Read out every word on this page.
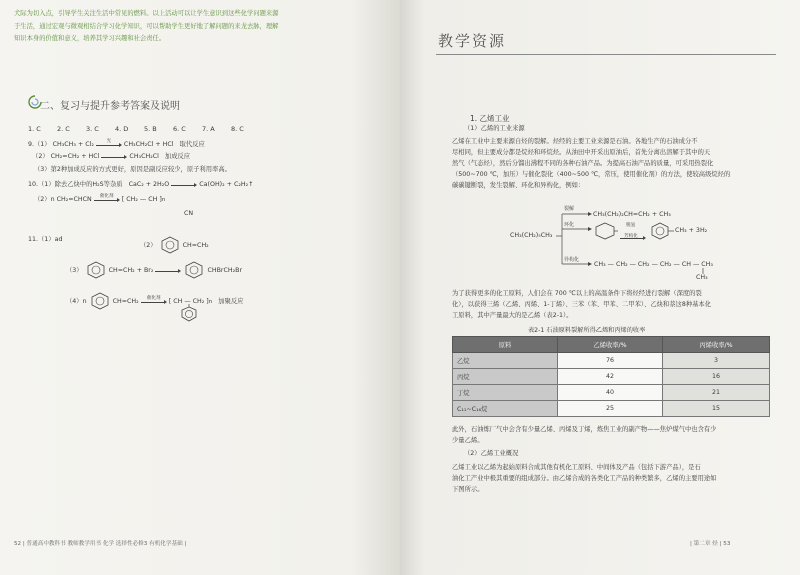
犬际为切入点，引导学生关注生活中常见的燃料。以上活动可以让学生意识到这些化学问题来源
于生活，通过宏观与微观相结合学习化学知识，可以帮助学生更好地了解问题的来龙去脉，理解
知识本身的价值和意义，培养其学习兴趣和社会责任。
二、复习与提升参考答案及说明
1. C 2. C 3. C 4. D 5. B	6. C 7. A	8. C
9.（1） CH₃CH₃ + Cl₂	光	CH₃CH₂Cl + HCl 取代反应
（2） CH₂=CH₂ + HCl	CH₃CH₂Cl 加成反应
（3）第2种加成反应的方式更好，原因是副反应较少，原子利用率高。
10.（1）除去乙炔中的H₂S等杂质 CaC₂ + 2H₂O	Ca(OH)₂ + C₂H₂↑
（2）n CH₂=CHCN	催化剂	[ CH₂ — CH ]n
CN
11.（1）ad
（2）	CH=CH₂
（3）	CH=CH₂ + Br₂	CHBrCH₂Br
（4）n	CH=CH₂	催化剂	[ CH — CH₂ ]n 加聚反应
52 | 普通高中教科书 教师教学用书 化学 选择性必修3 有机化学基础 |
教学资源
1. 乙烯工业
（1）乙烯的工业来源
乙烯在工业中主要来源自烃的裂解。烃经的主要工业来源是石油。各地生产的石油成分不
尽相同，但主要成分都是烷烃和环烷烃。从油田中开采出原油后，首先分离出溶解于其中的天
然气（气态烃），然后分馏出沸程不同的各种石油产品。为提高石油产品的质量，可采用热裂化
（500~700 ℃，加压）与催化裂化（400~500 ℃，常压，使用催化剂）的方法，使较高级烷烃的
碳碳键断裂，发生裂解、环化和异构化，例如：
CH₃(CH₂)₅CH₃
裂解
环化
异构化
CH₃(CH₂)₂CH=CH₂ + CH₃
脱氢
芳构化
CH₃ + 3H₂
CH₃ — CH₂ — CH₂ — CH₂ — CH — CH₃
CH₃
为了获得更多的化工原料，人们会在 700 ℃以上的高温条件下将烃经进行裂解（深度的裂
化），以获得三烯（乙烯、丙烯、1-丁烯）、三苯（苯、甲苯、二甲苯）、乙炔和萘这8种基本化
工原料，其中产量最大的是乙烯（表2-1）。
表2-1 石油原料裂解所得乙烯和丙烯的收率
原料	乙烯收率/%	丙烯收率/%
乙烷	76	3
丙烷	42	16
丁烷	40	21
C₁₁~C₁₆烷	25	15
此外，石油炼厂气中会含有少量乙烯、丙烯及丁烯，炼焦工业的副产物——焦炉煤气中也含有少
少量乙烯。
（2）乙烯工业概况
乙烯工业以乙烯为起始原料合成其他有机化工原料、中间体及产品（包括下游产品），是石
油化工产业中极其重要的组成部分。由乙烯合成的各类化工产品的种类繁多，乙烯的主要用途如
下图所示。
| 第二章 烃 | 53
